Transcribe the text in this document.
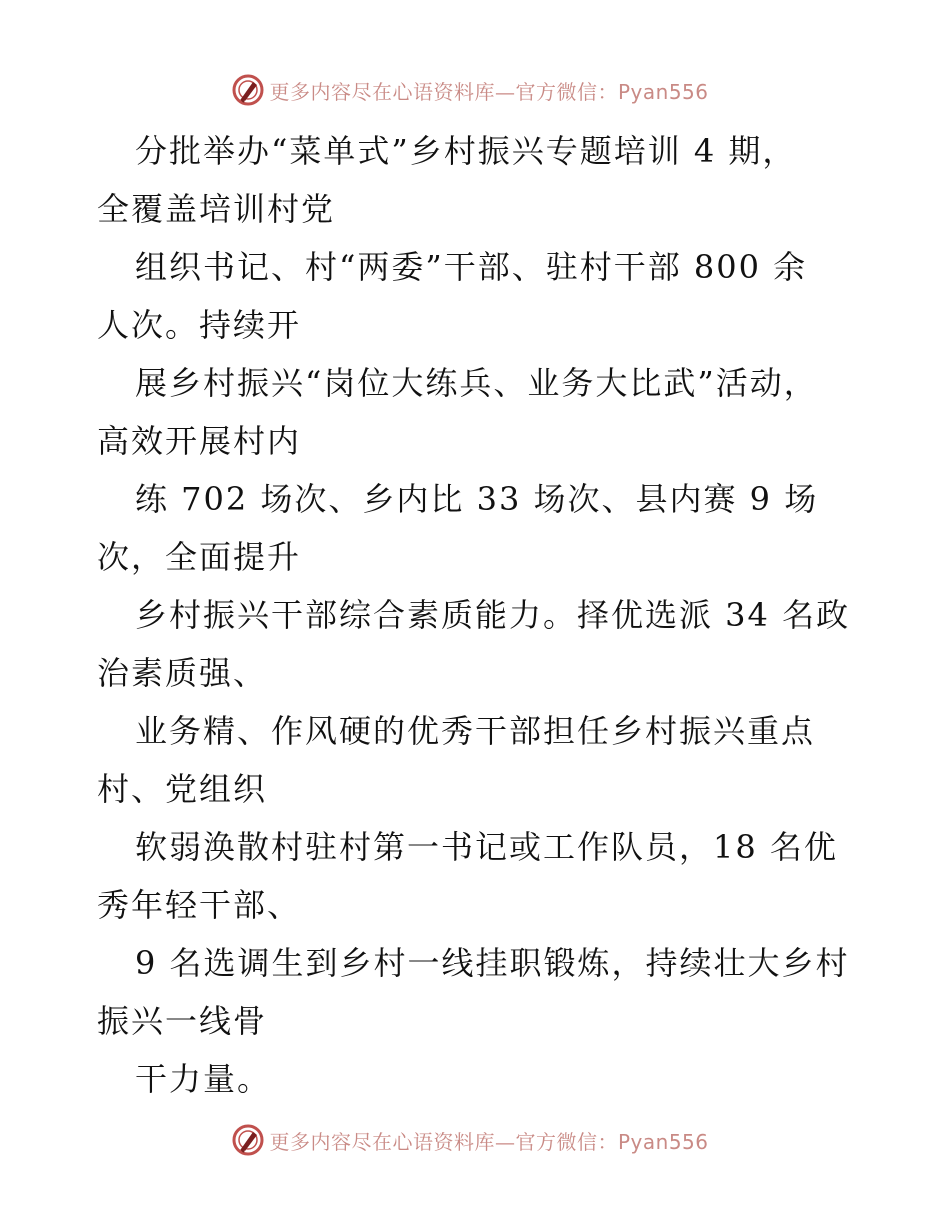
更多内容尽在心语资料库—官方微信：Pyan556
分批举办“菜单式”乡村振兴专题培训 4 期，
全覆盖培训村党
组织书记、村“两委”干部、驻村干部 800 余
人次。持续开
展乡村振兴“岗位大练兵、业务大比武”活动，
高效开展村内
练 702 场次、乡内比 33 场次、县内赛 9 场
次，全面提升
乡村振兴干部综合素质能力。择优选派 34 名政
治素质强、
业务精、作风硬的优秀干部担任乡村振兴重点
村、党组织
软弱涣散村驻村第一书记或工作队员，18 名优
秀年轻干部、
9 名选调生到乡村一线挂职锻炼，持续壮大乡村
振兴一线骨
干力量。
更多内容尽在心语资料库—官方微信：Pyan556
